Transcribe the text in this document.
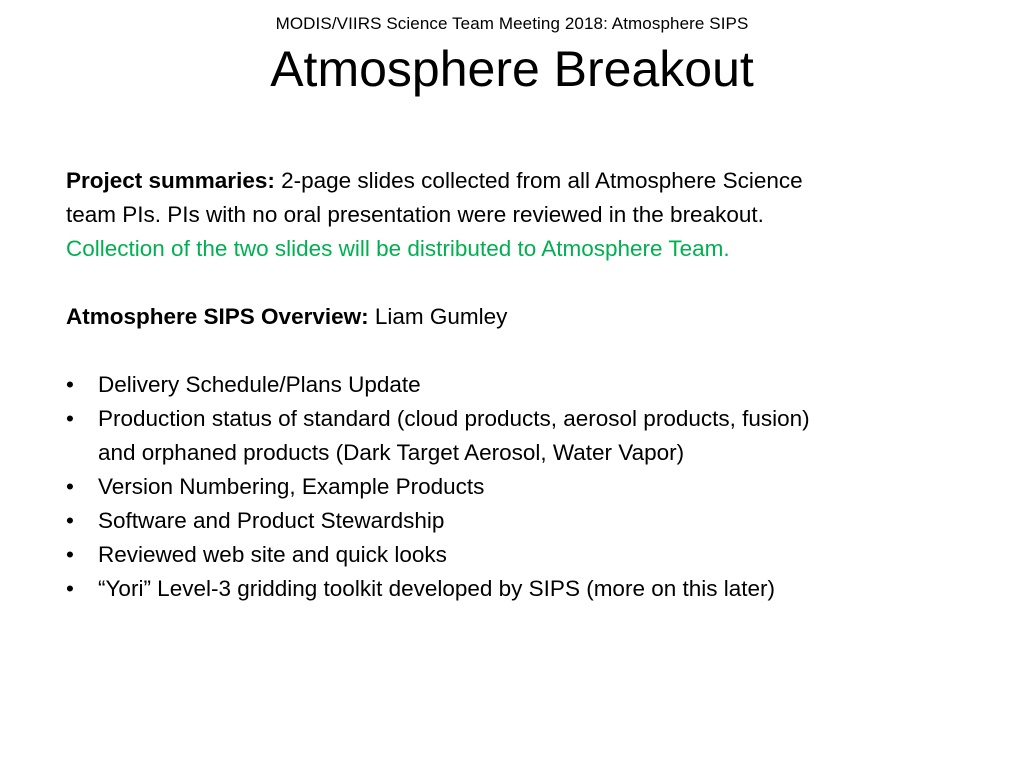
MODIS/VIIRS Science Team Meeting 2018: Atmosphere SIPS
Atmosphere Breakout

Project summaries: 2-page slides collected from all Atmosphere Science
team PIs. PIs with no oral presentation were reviewed in the breakout.
Collection of the two slides will be distributed to Atmosphere Team.

Atmosphere SIPS Overview: Liam Gumley

•	Delivery Schedule/Plans Update
•	Production status of standard (cloud products, aerosol products, fusion)
and orphaned products (Dark Target Aerosol, Water Vapor)
•	Version Numbering, Example Products
•	Software and Product Stewardship
•	Reviewed web site and quick looks
•	“Yori” Level-3 gridding toolkit developed by SIPS (more on this later)
